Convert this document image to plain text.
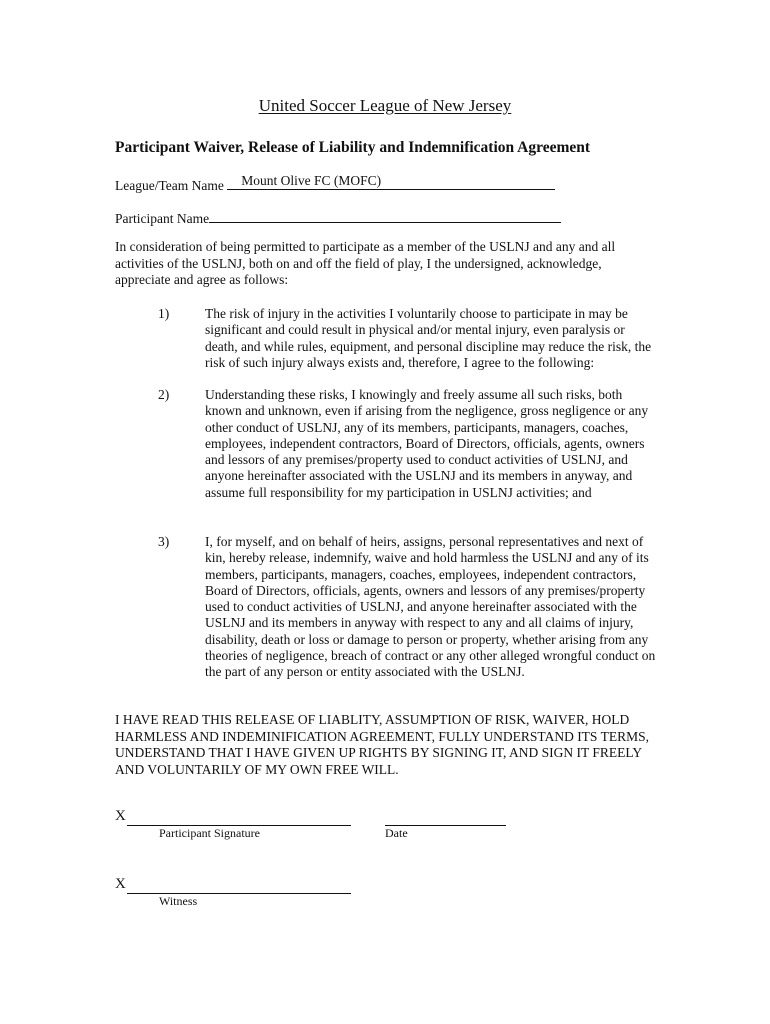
United Soccer League of New Jersey
Participant Waiver, Release of Liability and Indemnification Agreement
League/Team Name Mount Olive FC (MOFC)
Participant Name
In consideration of being permitted to participate as a member of the USLNJ and any and all activities of the USLNJ, both on and off the field of play, I the undersigned, acknowledge, appreciate and agree as follows:
1)	The risk of injury in the activities I voluntarily choose to participate in may be significant and could result in physical and/or mental injury, even paralysis or death, and while rules, equipment, and personal discipline may reduce the risk, the risk of such injury always exists and, therefore, I agree to the following:
2)	Understanding these risks, I knowingly and freely assume all such risks, both known and unknown, even if arising from the negligence, gross negligence or any other conduct of USLNJ, any of its members, participants, managers, coaches, employees, independent contractors, Board of Directors, officials, agents, owners and lessors of any premises/property used to conduct activities of USLNJ, and anyone hereinafter associated with the USLNJ and its members in anyway, and assume full responsibility for my participation in USLNJ activities; and
3)	I, for myself, and on behalf of heirs, assigns, personal representatives and next of kin, hereby release, indemnify, waive and hold harmless the USLNJ and any of its members, participants, managers, coaches, employees, independent contractors, Board of Directors, officials, agents, owners and lessors of any premises/property used to conduct activities of USLNJ, and anyone hereinafter associated with the USLNJ and its members in anyway with respect to any and all claims of injury, disability, death or loss or damage to person or property, whether arising from any theories of negligence, breach of contract or any other alleged wrongful conduct on the part of any person or entity associated with the USLNJ.
I HAVE READ THIS RELEASE OF LIABLITY, ASSUMPTION OF RISK, WAIVER, HOLD HARMLESS AND INDEMINIFICATION AGREEMENT, FULLY UNDERSTAND ITS TERMS, UNDERSTAND THAT I HAVE GIVEN UP RIGHTS BY SIGNING IT, AND SIGN IT FREELY AND VOLUNTARILY OF MY OWN FREE WILL.
X
Participant Signature	Date
X
Witness
